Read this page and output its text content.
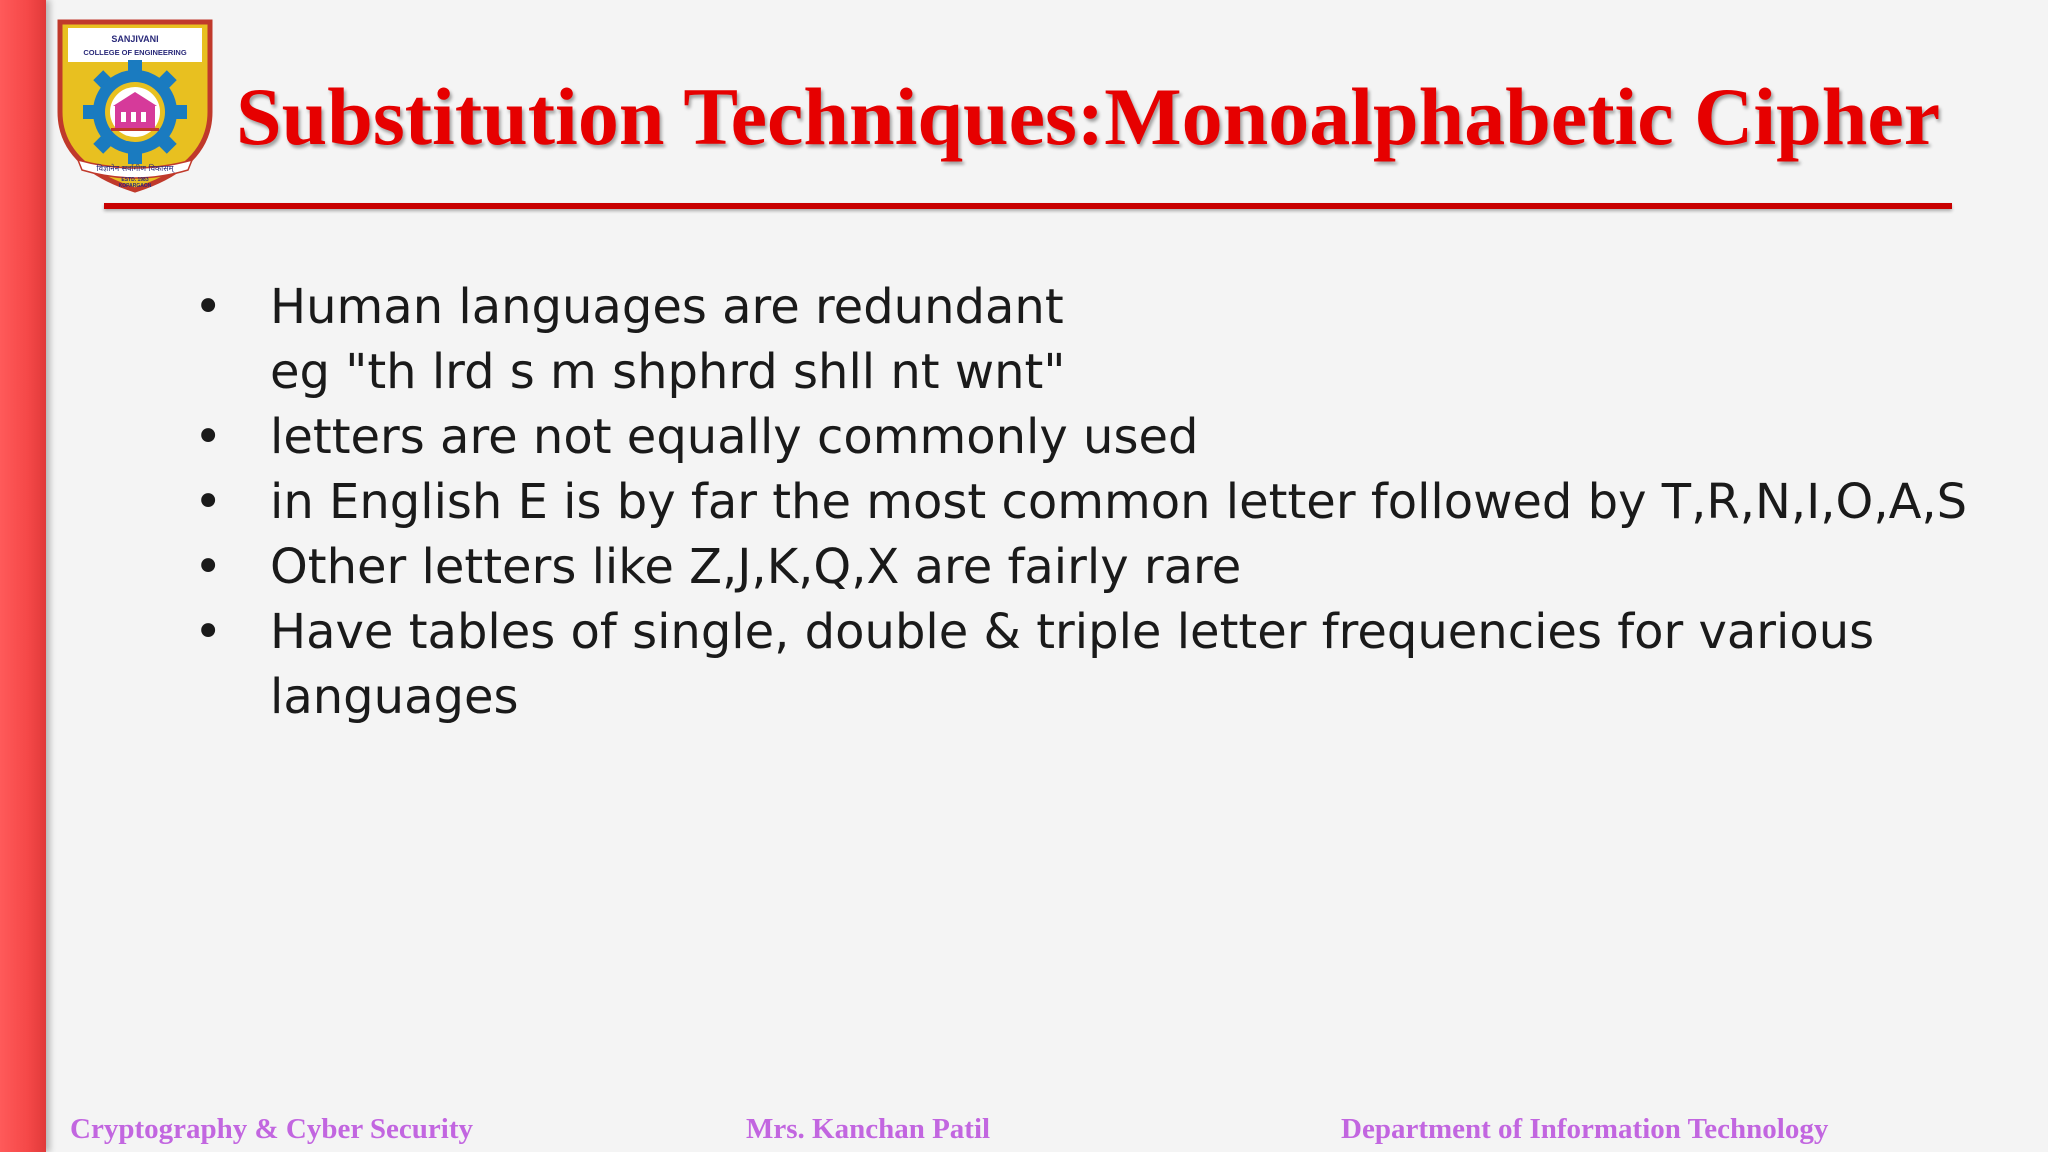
SANJIVANI
COLLEGE OF ENGINEERING
विज्ञानेन सर्वागीण विकासम्
ESTD. 1983
KOPARGAON
Substitution Techniques:Monoalphabetic Cipher
• Human languages are redundant
eg "th lrd s m shphrd shll nt wnt"
• letters are not equally commonly used
• in English E is by far the most common letter followed by T,R,N,I,O,A,S
• Other letters like Z,J,K,Q,X are fairly rare
• Have tables of single, double & triple letter frequencies for various
languages
Cryptography & Cyber Security	Mrs. Kanchan Patil	Department of Information Technology
